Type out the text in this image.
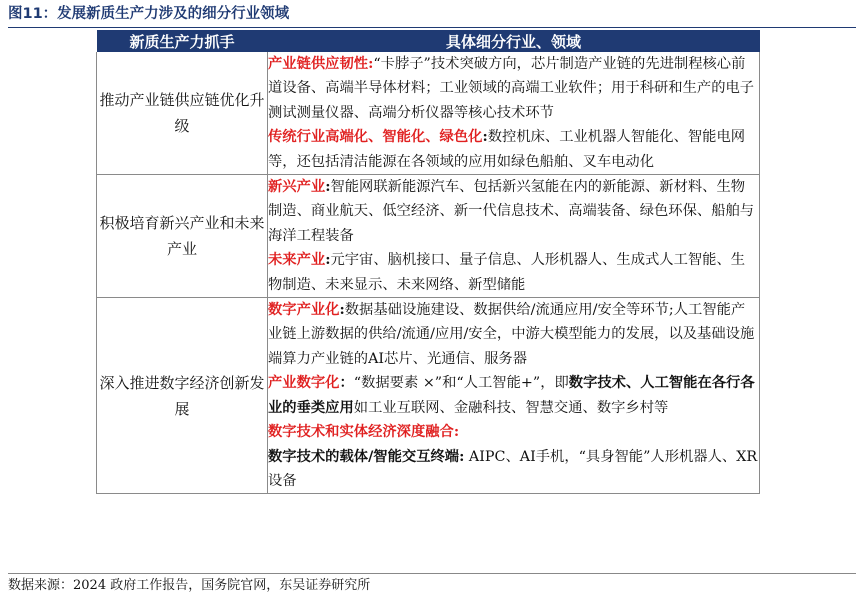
图11：发展新质生产力涉及的细分行业领域
新质生产力抓手	具体细分行业、领域
推动产业链供应链优化升级	产业链供应韧性:“卡脖子”技术突破方向，芯片制造产业链的先进制程核心前道设备、高端半导体材料；工业领域的高端工业软件；用于科研和生产的电子测试测量仪器、高端分析仪器等核心技术环节

传统行业高端化、智能化、绿色化:数控机床、工业机器人智能化、智能电网等，还包括清洁能源在各领域的应用如绿色船舶、叉车电动化

积极培育新兴产业和未来产业	新兴产业:智能网联新能源汽车、包括新兴氢能在内的新能源、新材料、生物制造、商业航天、低空经济、新一代信息技术、高端装备、绿色环保、船舶与海洋工程装备

未来产业:元宇宙、脑机接口、量子信息、人形机器人、生成式人工智能、生物制造、未来显示、未来网络、新型储能

深入推进数字经济创新发展	数字产业化:数据基础设施建设、数据供给/流通应用/安全等环节;人工智能产业链上游数据的供给/流通/应用/安全，中游大模型能力的发展，以及基础设施端算力产业链的AI芯片、光通信、服务器

产业数字化：“数据要素 ×”和“人工智能+”，即数字技术、人工智能在各行各业的垂类应用如工业互联网、金融科技、智慧交通、数字乡村等

数字技术和实体经济深度融合:
数字技术的载体/智能交互终端: AIPC、AI手机，“具身智能”人形机器人、XR设备

数据来源：2024 政府工作报告，国务院官网，东吴证券研究所
